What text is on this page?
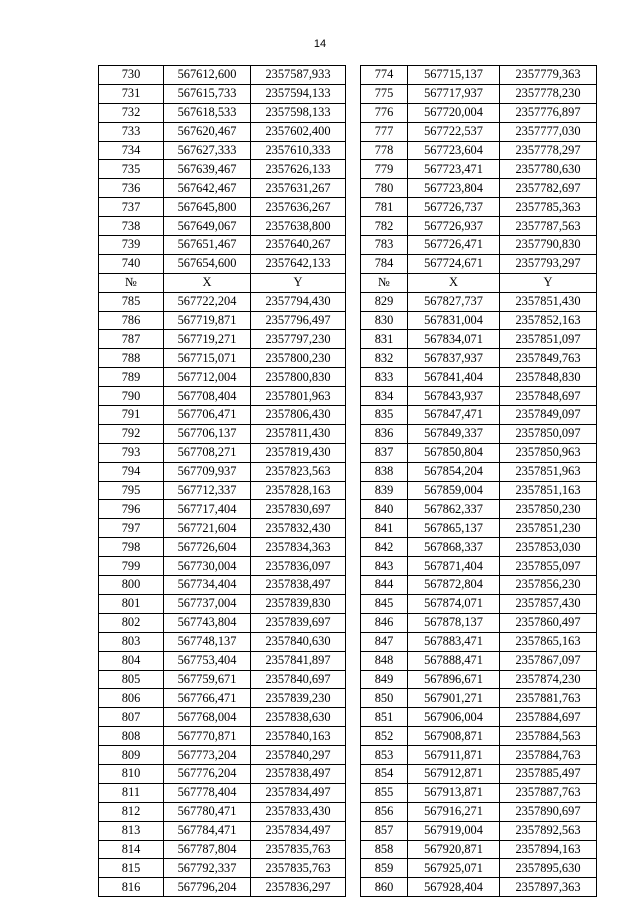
14
730	567612,600	2357587,933		774	567715,137	2357779,363
731	567615,733	2357594,133		775	567717,937	2357778,230
732	567618,533	2357598,133		776	567720,004	2357776,897
733	567620,467	2357602,400		777	567722,537	2357777,030
734	567627,333	2357610,333		778	567723,604	2357778,297
735	567639,467	2357626,133		779	567723,471	2357780,630
736	567642,467	2357631,267		780	567723,804	2357782,697
737	567645,800	2357636,267		781	567726,737	2357785,363
738	567649,067	2357638,800		782	567726,937	2357787,563
739	567651,467	2357640,267		783	567726,471	2357790,830
740	567654,600	2357642,133		784	567724,671	2357793,297
№	X	Y		№	X	Y
785	567722,204	2357794,430		829	567827,737	2357851,430
786	567719,871	2357796,497		830	567831,004	2357852,163
787	567719,271	2357797,230		831	567834,071	2357851,097
788	567715,071	2357800,230		832	567837,937	2357849,763
789	567712,004	2357800,830		833	567841,404	2357848,830
790	567708,404	2357801,963		834	567843,937	2357848,697
791	567706,471	2357806,430		835	567847,471	2357849,097
792	567706,137	2357811,430		836	567849,337	2357850,097
793	567708,271	2357819,430		837	567850,804	2357850,963
794	567709,937	2357823,563		838	567854,204	2357851,963
795	567712,337	2357828,163		839	567859,004	2357851,163
796	567717,404	2357830,697		840	567862,337	2357850,230
797	567721,604	2357832,430		841	567865,137	2357851,230
798	567726,604	2357834,363		842	567868,337	2357853,030
799	567730,004	2357836,097		843	567871,404	2357855,097
800	567734,404	2357838,497		844	567872,804	2357856,230
801	567737,004	2357839,830		845	567874,071	2357857,430
802	567743,804	2357839,697		846	567878,137	2357860,497
803	567748,137	2357840,630		847	567883,471	2357865,163
804	567753,404	2357841,897		848	567888,471	2357867,097
805	567759,671	2357840,697		849	567896,671	2357874,230
806	567766,471	2357839,230		850	567901,271	2357881,763
807	567768,004	2357838,630		851	567906,004	2357884,697
808	567770,871	2357840,163		852	567908,871	2357884,563
809	567773,204	2357840,297		853	567911,871	2357884,763
810	567776,204	2357838,497		854	567912,871	2357885,497
811	567778,404	2357834,497		855	567913,871	2357887,763
812	567780,471	2357833,430		856	567916,271	2357890,697
813	567784,471	2357834,497		857	567919,004	2357892,563
814	567787,804	2357835,763		858	567920,871	2357894,163
815	567792,337	2357835,763		859	567925,071	2357895,630
816	567796,204	2357836,297		860	567928,404	2357897,363
